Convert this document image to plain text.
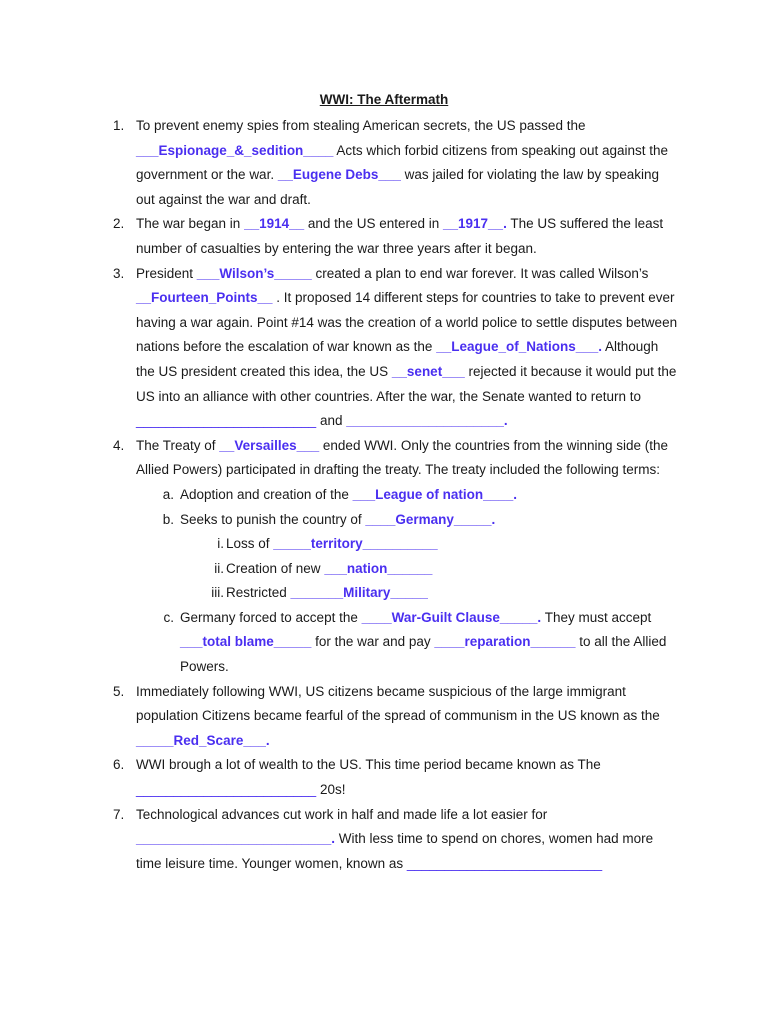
WWI: The Aftermath
1. To prevent enemy spies from stealing American secrets, the US passed the
___Espionage_&_sedition____ Acts which forbid citizens from speaking out against the government or the war. __Eugene Debs___ was jailed for violating the law by speaking out against the war and draft.
2. The war began in __1914__ and the US entered in __1917__. The US suffered the least number of casualties by entering the war three years after it began.
3. President ___Wilson’s_____ created a plan to end war forever. It was called Wilson’s __Fourteen_Points__ . It proposed 14 different steps for countries to take to prevent ever having a war again. Point #14 was the creation of a world police to settle disputes between nations before the escalation of war known as the __League_of_Nations___. Although the US president created this idea, the US __senet___ rejected it because it would put the US into an alliance with other countries. After the war, the Senate wanted to return to ________________________ and _____________________.
4. The Treaty of __Versailles___ ended WWI. Only the countries from the winning side (the Allied Powers) participated in drafting the treaty. The treaty included the following terms:
a. Adoption and creation of the ___League of nation____.
b. Seeks to punish the country of ____Germany_____.
i. Loss of _____territory__________
ii. Creation of new ___nation______
iii. Restricted _______Military_____
c. Germany forced to accept the ____War-Guilt Clause_____. They must accept ___total blame_____ for the war and pay ____reparation______ to all the Allied Powers.
5. Immediately following WWI, US citizens became suspicious of the large immigrant population Citizens became fearful of the spread of communism in the US known as the _____Red_Scare___.
6. WWI brough a lot of wealth to the US. This time period became known as The ________________________ 20s!
7. Technological advances cut work in half and made life a lot easier for __________________________. With less time to spend on chores, women had more time leisure time. Younger women, known as __________________________
